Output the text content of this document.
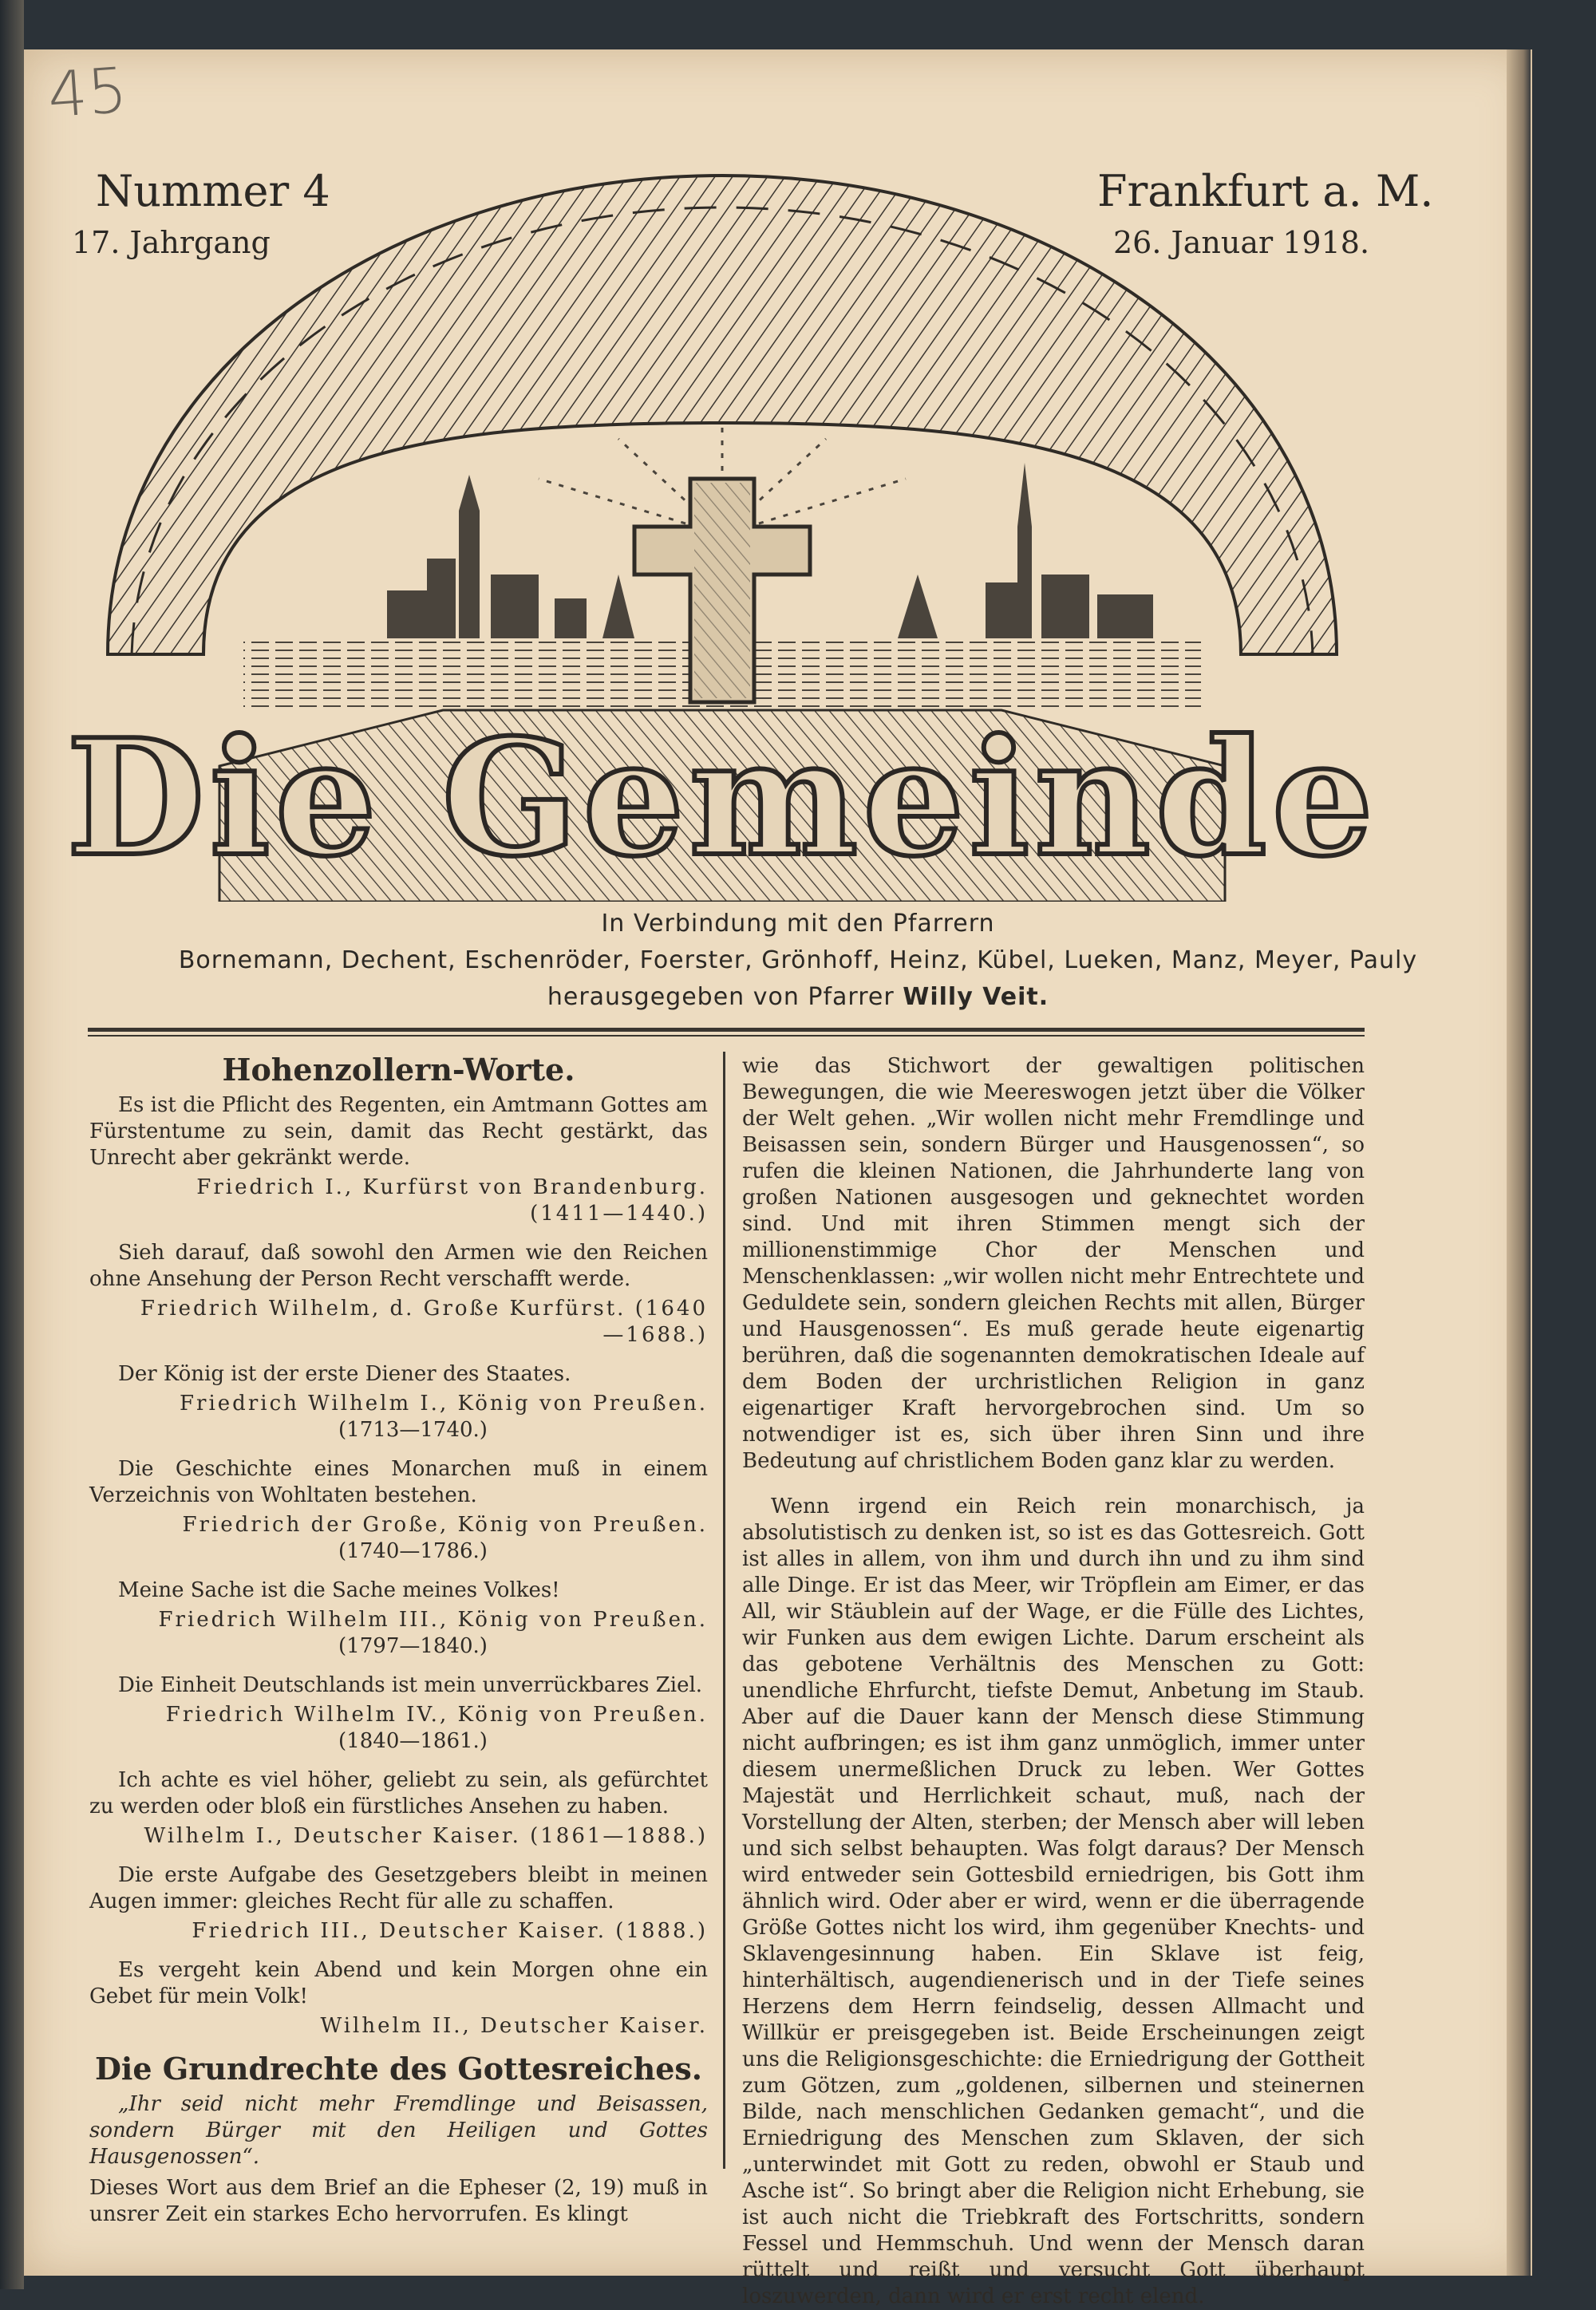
45
Nummer 4
17. Jahrgang
Frankfurt a. M.
26. Januar 1918.
Die Gemeinde
In Verbindung mit den Pfarrern
Bornemann, Dechent, Eschenröder, Foerster, Grönhoff, Heinz, Kübel, Lueken, Manz, Meyer, Pauly
herausgegeben von Pfarrer Willy Veit.
Hohenzollern-Worte.

Es ist die Pflicht des Regenten, ein Amtmann Gottes am Fürstentume zu sein, damit das Recht gestärkt, das Unrecht aber gekränkt werde.

Friedrich I., Kurfürst von Brandenburg. (1411—1440.)

Sieh darauf, daß sowohl den Armen wie den Reichen ohne Ansehung der Person Recht verschafft werde.

Friedrich Wilhelm, d. Große Kurfürst. (1640—1688.)

Der König ist der erste Diener des Staates.

Friedrich Wilhelm I., König von Preußen.

(1713—1740.)

Die Geschichte eines Monarchen muß in einem Verzeichnis von Wohltaten bestehen.

Friedrich der Große, König von Preußen.

(1740—1786.)

Meine Sache ist die Sache meines Volkes!

Friedrich Wilhelm III., König von Preußen.

(1797—1840.)

Die Einheit Deutschlands ist mein unverrückbares Ziel.

Friedrich Wilhelm IV., König von Preußen.

(1840—1861.)

Ich achte es viel höher, geliebt zu sein, als gefürchtet zu werden oder bloß ein fürstliches Ansehen zu haben.

Wilhelm I., Deutscher Kaiser. (1861—1888.)

Die erste Aufgabe des Gesetzgebers bleibt in meinen Augen immer: gleiches Recht für alle zu schaffen.

Friedrich III., Deutscher Kaiser. (1888.)

Es vergeht kein Abend und kein Morgen ohne ein Gebet für mein Volk!

Wilhelm II., Deutscher Kaiser.

Die Grundrechte des Gottesreiches.

„Ihr seid nicht mehr Fremdlinge und Beisassen, sondern Bürger mit den Heiligen und Gottes Hausgenossen“.

Dieses Wort aus dem Brief an die Epheser (2, 19) muß in unsrer Zeit ein starkes Echo hervorrufen. Es klingt

wie das Stichwort der gewaltigen politischen Bewegungen, die wie Meereswogen jetzt über die Völker der Welt gehen. „Wir wollen nicht mehr Fremdlinge und Beisassen sein, sondern Bürger und Hausgenossen“, so rufen die kleinen Nationen, die Jahrhunderte lang von großen Nationen ausgesogen und geknechtet worden sind. Und mit ihren Stimmen mengt sich der millionenstimmige Chor der Menschen und Menschenklassen: „wir wollen nicht mehr Entrechtete und Geduldete sein, sondern gleichen Rechts mit allen, Bürger und Hausgenossen“. Es muß gerade heute eigenartig berühren, daß die sogenannten demokratischen Ideale auf dem Boden der urchristlichen Religion in ganz eigenartiger Kraft hervorgebrochen sind. Um so notwendiger ist es, sich über ihren Sinn und ihre Bedeutung auf christlichem Boden ganz klar zu werden.

Wenn irgend ein Reich rein monarchisch, ja absolutistisch zu denken ist, so ist es das Gottesreich. Gott ist alles in allem, von ihm und durch ihn und zu ihm sind alle Dinge. Er ist das Meer, wir Tröpflein am Eimer, er das All, wir Stäublein auf der Wage, er die Fülle des Lichtes, wir Funken aus dem ewigen Lichte. Darum erscheint als das gebotene Verhältnis des Menschen zu Gott: unendliche Ehrfurcht, tiefste Demut, Anbetung im Staub. Aber auf die Dauer kann der Mensch diese Stimmung nicht aufbringen; es ist ihm ganz unmöglich, immer unter diesem unermeßlichen Druck zu leben. Wer Gottes Majestät und Herrlichkeit schaut, muß, nach der Vorstellung der Alten, sterben; der Mensch aber will leben und sich selbst behaupten. Was folgt daraus? Der Mensch wird entweder sein Gottesbild erniedrigen, bis Gott ihm ähnlich wird. Oder aber er wird, wenn er die überragende Größe Gottes nicht los wird, ihm gegenüber Knechts- und Sklavengesinnung haben. Ein Sklave ist feig, hinterhältisch, augendienerisch und in der Tiefe seines Herzens dem Herrn feindselig, dessen Allmacht und Willkür er preisgegeben ist. Beide Erscheinungen zeigt uns die Religionsgeschichte: die Erniedrigung der Gottheit zum Götzen, zum „goldenen, silbernen und steinernen Bilde, nach menschlichen Gedanken gemacht“, und die Erniedrigung des Menschen zum Sklaven, der sich „unterwindet mit Gott zu reden, obwohl er Staub und Asche ist“. So bringt aber die Religion nicht Erhebung, sie ist auch nicht die Triebkraft des Fortschritts, sondern Fessel und Hemmschuh. Und wenn der Mensch daran rüttelt und reißt und versucht Gott überhaupt loszuwerden, dann wird er erst recht elend.
